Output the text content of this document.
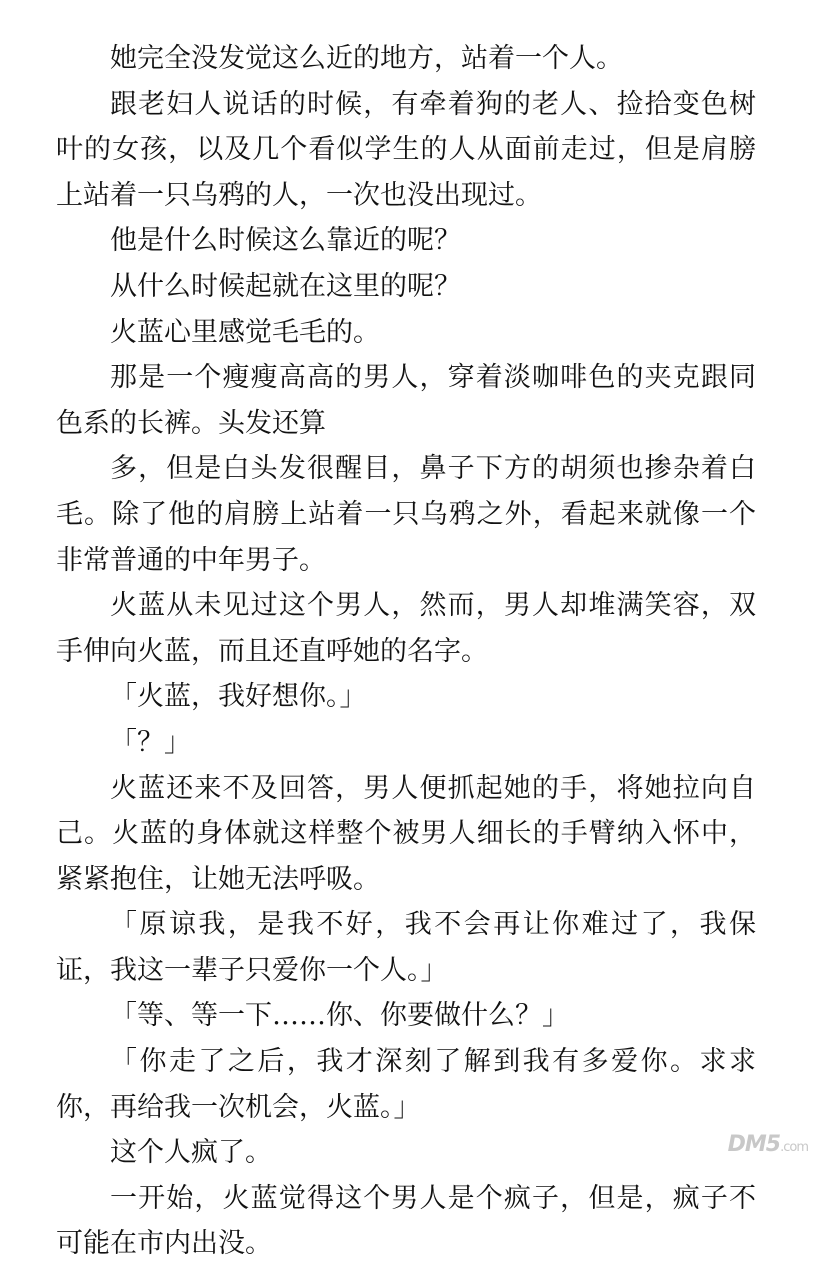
她完全没发觉这么近的地方，站着一个人。

跟老妇人说话的时候，有牵着狗的老人、捡拾变色树叶的女孩，以及几个看似学生的人从面前走过，但是肩膀上站着一只乌鸦的人，一次也没出现过。

他是什么时候这么靠近的呢？

从什么时候起就在这里的呢？

火蓝心里感觉毛毛的。

那是一个瘦瘦高高的男人，穿着淡咖啡色的夹克跟同色系的长裤。头发还算

多，但是白头发很醒目，鼻子下方的胡须也掺杂着白毛。除了他的肩膀上站着一只乌鸦之外，看起来就像一个非常普通的中年男子。

火蓝从未见过这个男人，然而，男人却堆满笑容，双手伸向火蓝，而且还直呼她的名字。

「火蓝，我好想你。」

「？」

火蓝还来不及回答，男人便抓起她的手，将她拉向自己。火蓝的身体就这样整个被男人细长的手臂纳入怀中，紧紧抱住，让她无法呼吸。

「原谅我，是我不好，我不会再让你难过了，我保证，我这一辈子只爱你一个人。」

「等、等一下……你、你要做什么？」

「你走了之后，我才深刻了解到我有多爱你。求求你，再给我一次机会，火蓝。」

这个人疯了。

一开始，火蓝觉得这个男人是个疯子，但是，疯子不可能在市内出没。

DM5.com
